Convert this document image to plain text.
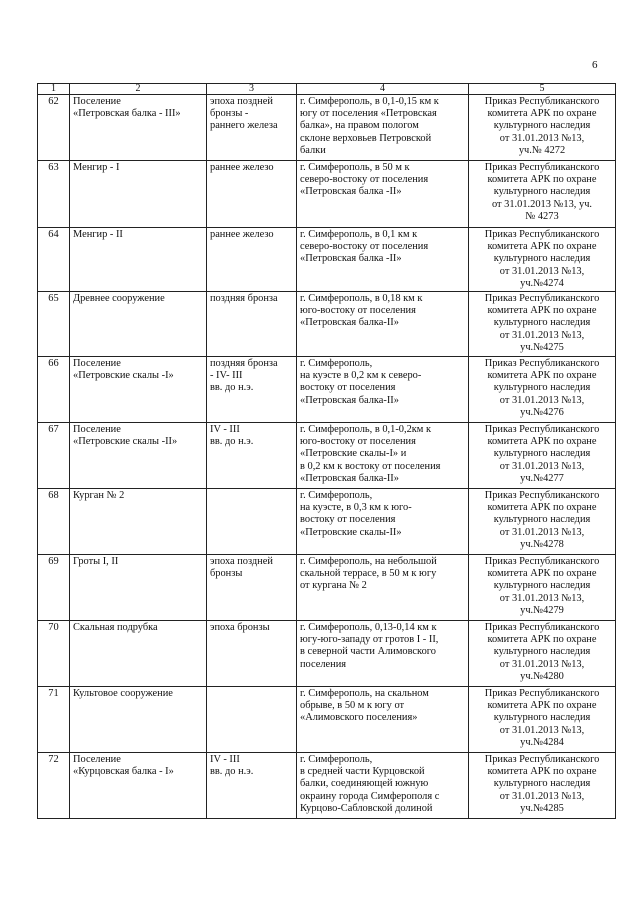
6
1	2	3	4	5
62	Поселение
«Петровская балка - III»	эпоха поздней
бронзы -
раннего железа	г. Симферополь, в 0,1-0,15 км к
югу от поселения «Петровская
балка», на правом пологом
склоне верховьев Петровской
балки	Приказ Республиканского
комитета АРК по охране
культурного наследия
от 31.01.2013 №13,
уч.№ 4272

63	Менгир - I	раннее железо	г. Симферополь, в 50 м к
северо-востоку от поселения
«Петровская балка -II»	Приказ Республиканского
комитета АРК по охране
культурного наследия
от 31.01.2013 №13, уч.
№ 4273

64	Менгир - II	раннее железо	г. Симферополь, в 0,1 км к
северо-востоку от поселения
«Петровская балка -II»	Приказ Республиканского
комитета АРК по охране
культурного наследия
от 31.01.2013 №13,
уч.№4274

65	Древнее сооружение	поздняя бронза	г. Симферополь, в 0,18 км к
юго-востоку от поселения
«Петровская балка-II»	Приказ Республиканского
комитета АРК по охране
культурного наследия
от 31.01.2013 №13,
уч.№4275

66	Поселение
«Петровские скалы -I»	поздняя бронза
- IV- III
вв. до н.э.	г. Симферополь,
на куэсте в 0,2 км к северо-
востоку от поселения
«Петровская балка-II»	Приказ Республиканского
комитета АРК по охране
культурного наследия
от 31.01.2013 №13,
уч.№4276

67	Поселение
«Петровские скалы -II»	IV - III
вв. до н.э.	г. Симферополь, в 0,1-0,2км к
юго-востоку от поселения
«Петровские скалы-I» и
в 0,2 км к востоку от поселения
«Петровская балка-II»	Приказ Республиканского
комитета АРК по охране
культурного наследия
от 31.01.2013 №13,
уч.№4277

68	Курган № 2		г. Симферополь,
на куэсте, в 0,3 км к юго-
востоку от поселения
«Петровские скалы-II»	Приказ Республиканского
комитета АРК по охране
культурного наследия
от 31.01.2013 №13,
уч.№4278

69	Гроты I, II	эпоха поздней
бронзы	г. Симферополь, на небольшой
скальной террасе, в 50 м к югу
от кургана № 2	Приказ Республиканского
комитета АРК по охране
культурного наследия
от 31.01.2013 №13,
уч.№4279

70	Скальная подрубка	эпоха бронзы	г. Симферополь, 0,13-0,14 км к
югу-юго-западу от гротов I - II,
в северной части Алимовского
поселения	Приказ Республиканского
комитета АРК по охране
культурного наследия
от 31.01.2013 №13,
уч.№4280

71	Культовое сооружение		г. Симферополь, на скальном
обрыве, в 50 м к югу от
«Алимовского поселения»	Приказ Республиканского
комитета АРК по охране
культурного наследия
от 31.01.2013 №13,
уч.№4284

72	Поселение
«Курцовская балка - I»	IV - III
вв. до н.э.	г. Симферополь,
в средней части Курцовской
балки, соединяющей южную
окраину города Симферополя с
Курцово-Сабловской долиной	Приказ Республиканского
комитета АРК по охране
культурного наследия
от 31.01.2013 №13,
уч.№4285
